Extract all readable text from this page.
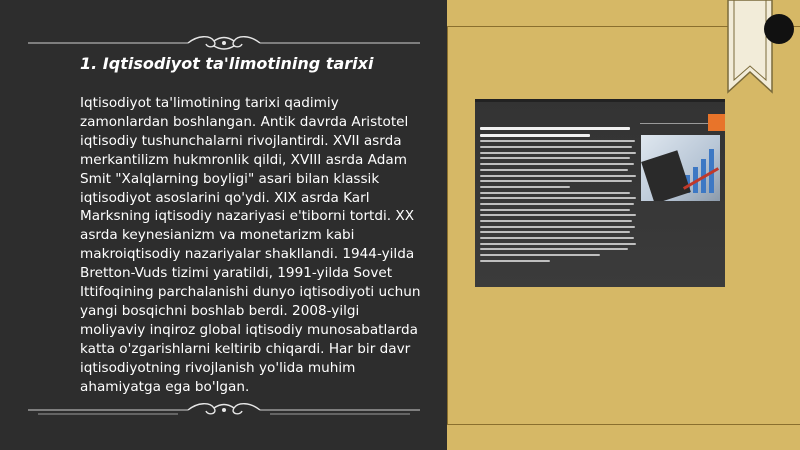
1. Iqtisodiyot ta'limotining tarixi
Iqtisodiyot ta'limotining tarixi qadimiy zamonlardan boshlangan. Antik davrda Aristotel iqtisodiy tushunchalarni rivojlantirdi. XVII asrda merkantilizm hukmronlik qildi, XVIII asrda Adam Smit "Xalqlarning boyligi" asari bilan klassik iqtisodiyot asoslarini qo'ydi. XIX asrda Karl Marksning iqtisodiy nazariyasi e'tiborni tortdi. XX asrda keynesianizm va monetarizm kabi makroiqtisodiy nazariyalar shakllandi. 1944-yilda Bretton-Vuds tizimi yaratildi, 1991-yilda Sovet Ittifoqining parchalanishi dunyo iqtisodiyoti uchun yangi bosqichni boshlab berdi. 2008-yilgi moliyaviy inqiroz global iqtisodiy munosabatlarda katta o'zgarishlarni keltirib chiqardi. Har bir davr iqtisodiyotning rivojlanish yo'lida muhim ahamiyatga ega bo'lgan.
